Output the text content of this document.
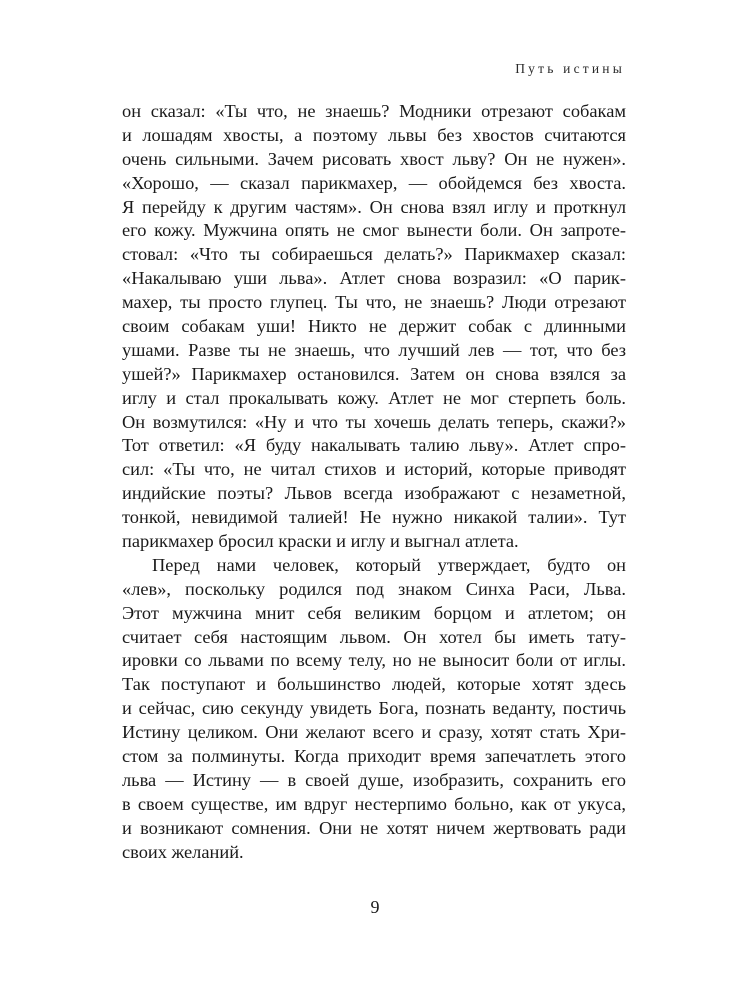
Путь истины
он сказал: «Ты что, не знаешь? Модники отрезают собакам
и лошадям хвосты, а поэтому львы без хвостов считаются
очень сильными. Зачем рисовать хвост льву? Он не нужен».
«Хорошо, — сказал парикмахер, — обойдемся без хвоста.
Я перейду к другим частям». Он снова взял иглу и проткнул
его кожу. Мужчина опять не смог вынести боли. Он запроте-
стовал: «Что ты собираешься делать?» Парикмахер сказал:
«Накалываю уши льва». Атлет снова возразил: «О парик-
махер, ты просто глупец. Ты что, не знаешь? Люди отрезают
своим собакам уши! Никто не держит собак с длинными
ушами. Разве ты не знаешь, что лучший лев — тот, что без
ушей?» Парикмахер остановился. Затем он снова взялся за
иглу и стал прокалывать кожу. Атлет не мог стерпеть боль.
Он возмутился: «Ну и что ты хочешь делать теперь, скажи?»
Тот ответил: «Я буду накалывать талию льву». Атлет спро-
сил: «Ты что, не читал стихов и историй, которые приводят
индийские поэты? Львов всегда изображают с незаметной,
тонкой, невидимой талией! Не нужно никакой талии». Тут
парикмахер бросил краски и иглу и выгнал атлета.
Перед нами человек, который утверждает, будто он
«лев», поскольку родился под знаком Синха Раси, Льва.
Этот мужчина мнит себя великим борцом и атлетом; он
считает себя настоящим львом. Он хотел бы иметь тату-
ировки со львами по всему телу, но не выносит боли от иглы.
Так поступают и большинство людей, которые хотят здесь
и сейчас, сию секунду увидеть Бога, познать веданту, постичь
Истину целиком. Они желают всего и сразу, хотят стать Хри-
стом за полминуты. Когда приходит время запечатлеть этого
льва — Истину — в своей душе, изобразить, сохранить его
в своем существе, им вдруг нестерпимо больно, как от укуса,
и возникают сомнения. Они не хотят ничем жертвовать ради
своих желаний.
9
